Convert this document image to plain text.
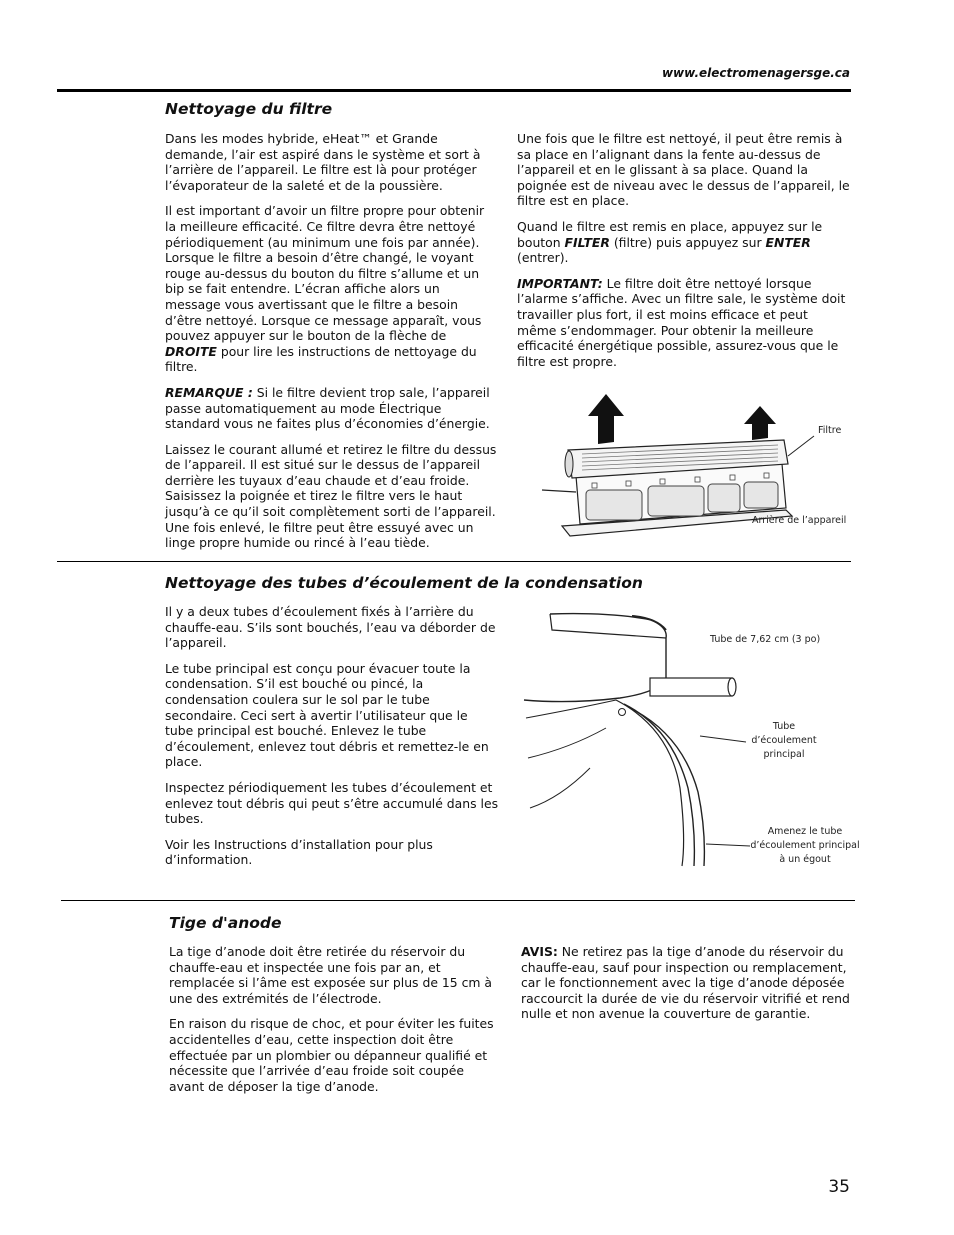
www.electromenagersge.ca
Nettoyage du filtre

Dans les modes hybride, eHeat™ et Grande demande, l’air est aspiré dans le système et sort à l’arrière de l’appareil. Le filtre est là pour protéger l’évaporateur de la saleté et de la poussière.

Il est important d’avoir un filtre propre pour obtenir la meilleure efficacité. Ce filtre devra être nettoyé périodiquement (au minimum une fois par année). Lorsque le filtre a besoin d’être changé, le voyant rouge au-dessus du bouton du filtre s’allume et un bip se fait entendre. L’écran affiche alors un message vous avertissant que le filtre a besoin d’être nettoyé. Lorsque ce message apparaît, vous pouvez appuyer sur le bouton de la flèche de DROITE pour lire les instructions de nettoyage du filtre.

REMARQUE : Si le filtre devient trop sale, l’appareil passe automatiquement au mode Électrique standard vous ne faites plus d’économies d’énergie.

Laissez le courant allumé et retirez le filtre du dessus de l’appareil. Il est situé sur le dessus de l’appareil derrière les tuyaux d’eau chaude et d’eau froide. Saisissez la poignée et tirez le filtre vers le haut jusqu’à ce qu’il soit complètement sorti de l’appareil. Une fois enlevé, le filtre peut être essuyé avec un linge propre humide ou rincé à l’eau tiède.

Une fois que le filtre est nettoyé, il peut être remis à sa place en l’alignant dans la fente au-dessus de l’appareil et en le glissant à sa place. Quand la poignée est de niveau avec le dessus de l’appareil, le filtre est en place.

Quand le filtre est remis en place, appuyez sur le bouton FILTER (filtre) puis appuyez sur ENTER (entrer).

IMPORTANT: Le filtre doit être nettoyé lorsque l’alarme s’affiche. Avec un filtre sale, le système doit travailler plus fort, il est moins efficace et peut même s’endommager. Pour obtenir la meilleure efficacité énergétique possible, assurez-vous que le filtre est propre.

Filtre
Arrière de l’appareil
Nettoyage des tubes d’écoulement de la condensation

Il y a deux tubes d’écoulement fixés à l’arrière du chauffe-eau. S’ils sont bouchés, l’eau va déborder de l’appareil.

Le tube principal est conçu pour évacuer toute la condensation. S’il est bouché ou pincé, la condensation coulera sur le sol par le tube secondaire. Ceci sert à avertir l’utilisateur que le tube principal est bouché. Enlevez le tube d’écoulement, enlevez tout débris et remettez-le en place.

Inspectez périodiquement les tubes d’écoulement et enlevez tout débris qui peut s’être accumulé dans les tubes.

Voir les Instructions d’installation pour plus d’information.

Tube de 7,62 cm (3 po)
Tube d’écoulement principal
Amenez le tube d’écoulement principal à un égout
Tige d'anode

La tige d’anode doit être retirée du réservoir du chauffe-eau et inspectée une fois par an, et remplacée si l’âme est exposée sur plus de 15 cm à une des extrémités de l’électrode.

En raison du risque de choc, et pour éviter les fuites accidentelles d’eau, cette inspection doit être effectuée par un plombier ou dépanneur qualifié et nécessite que l’arrivée d’eau froide soit coupée avant de déposer la tige d’anode.

AVIS: Ne retirez pas la tige d’anode du réservoir du chauffe-eau, sauf pour inspection ou remplacement, car le fonctionnement avec la tige d’anode déposée raccourcit la durée de vie du réservoir vitrifié et rend nulle et non avenue la couverture de garantie.

35
